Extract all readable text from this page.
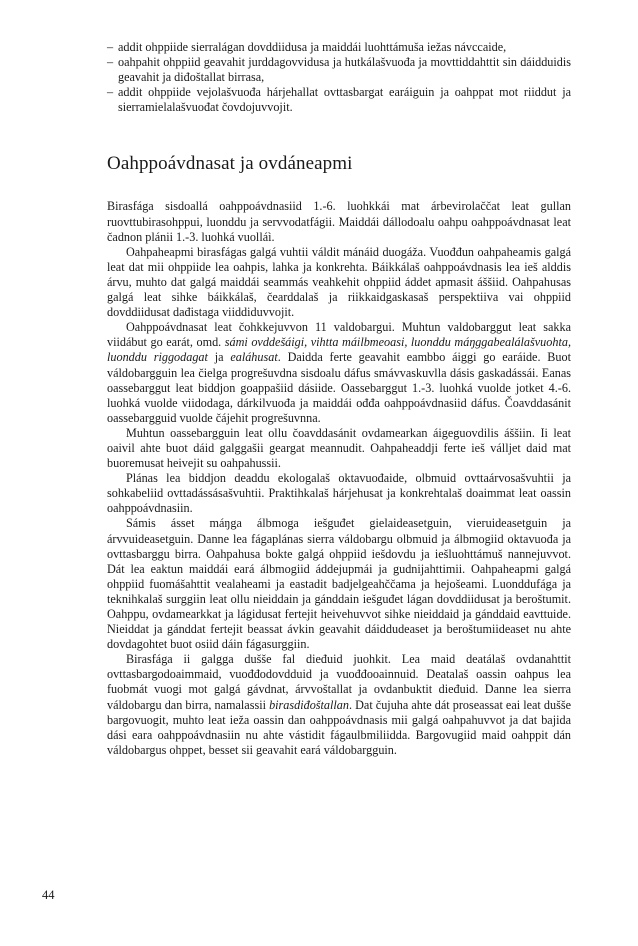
– addit ohppiide sierralágan dovddiidusa ja maiddái luohttámuša iežas návccaide,
– oahpahit ohppiid geavahit jurddagovvidusa ja hutkálašvuođa ja movttiddahttit sin dáidduidis geavahit ja diđoštallat birrasa,
– addit ohppiide vejolašvuođa hárjehallat ovttasbargat earáiguin ja oahppat mot riiddut ja sierramielalašvuođat čovdojuvvojit.
Oahppoávdnasat ja ovdáneapmi

Birasfága sisdoallá oahppoávdnasiid 1.-6. luohkkái mat árbevirolaččat leat gullan ruovttubirasohppui, luonddu ja servvodatfágii. Maiddái dállodoalu oahpu oahppoávdnasat leat čadnon plánii 1.-3. luohká vuolláì.

Oahpaheapmi birasfágas galgá vuhtii váldit mánáid duogáža. Vuođđun oahpaheamis galgá leat dat mii ohppiide lea oahpis, lahka ja konkrehta. Báikkálaš oahppoávdnasis lea ieš alddis árvu, muhto dat galgá maiddái seammás veahkehit ohppiid áddet apmasit áššiid. Oahpahusas galgá leat sihke báikkálaš, čearddalaš ja riikkaidgaskasaš perspektiiva vai ohppiid dovddiidusat dađistaga viiddiduvvojit.

Oahppoávdnasat leat čohkkejuvvon 11 valdobargui. Muhtun valdobarggut leat sakka viidábut go earát, omd. sámi ovddešáigi, vihtta máilbmeoasi, luonddu máŋggabealálašvuohta, luonddu riggodagat ja ealáhusat. Daidda ferte geavahit eambbo áiggi go earáide. Buot váldobargguin lea čielga progrešuvdna sisdoalu dáfus smávvaskuvlla dásis gaskadássái. Eanas oassebarggut leat biddjon goappašiid dásiide. Oassebarggut 1.-3. luohká vuolde jotket 4.-6. luohká vuolde viidodaga, dárkilvuođa ja maiddái ođđa oahppoávdnasiid dáfus. Čoavddasánit oassebargguid vuolde čájehit progrešuvnna.

Muhtun oassebargguin leat ollu čoavddasánit ovdamearkan áigeguovdilis áššiin. Ii leat oaivil ahte buot dáid galggašii geargat meannudit. Oahpaheaddji ferte ieš válljet daid mat buoremusat heivejit su oahpahussii.

Plánas lea biddjon deaddu ekologalaš oktavuođaide, olbmuid ovttaárvosašvuhtii ja sohkabeliid ovttadássásašvuhtii. Praktihkalaš hárjehusat ja konkrehtalaš doaimmat leat oassin oahppoávdnasiin.

Sámis ásset máŋga álbmoga iešguđet gielaideasetguin, vieruideasetguin ja árvvuideasetguin. Danne lea fágaplánas sierra váldobargu olbmuid ja álbmogiid oktavuođa ja ovttasbarggu birra. Oahpahusa bokte galgá ohppiid iešdovdu ja iešluohttámuš nannejuvvot. Dát lea eaktun maiddái eará álbmogiid áddejupmái ja gudnijahttimii. Oahpaheapmi galgá ohppiid fuomášahttit vealaheami ja eastadit badjelgeahččama ja hejošeami. Luonddufága ja teknihkalaš surggiin leat ollu nieiddain ja gánddain iešguđet lágan dovddiidusat ja beroštumit. Oahppu, ovdamearkkat ja lágidusat fertejit heivehuvvot sihke nieiddaid ja gánddaid eavttuide. Nieiddat ja gánddat fertejit beassat ávkin geavahit dáiddudeaset ja beroštumiideaset nu ahte dovdagohtet buot osiid dáin fágasurggiin.

Birasfága ii galgga duššе fal dieđuid juohkit. Lea maid deatálaš ovdanahttit ovttasbargodoaimmaid, vuođđodovdduid ja vuođđooainnuid. Deatalaš oassin oahpus lea fuobmát vuogi mot galgá gávdnat, árvvoštallat ja ovdanbuktit dieđuid. Danne lea sierra váldobargu dan birra, namalassii birasdiđoštallan. Dat čujuha ahte dát proseassat eai leat duššе bargovuogit, muhto leat ieža oassin dan oahppoávdnasis mii galgá oahpahuvvot ja dat bajida dási eara oahppoávdnasiin nu ahte vástidit fágaulbmiliidda. Bargovugiid maid oahppit dán váldobargus ohppet, besset sii geavahit eará váldobargguin.

44
